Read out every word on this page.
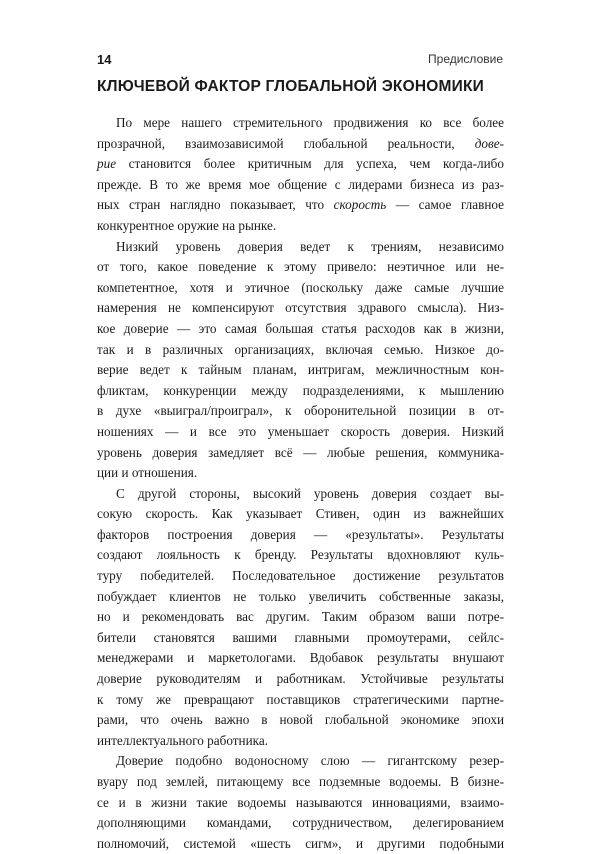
14	Предисловие
КЛЮЧЕВОЙ ФАКТОР ГЛОБАЛЬНОЙ ЭКОНОМИКИ
По мере нашего стремительного продвижения ко все более
прозрачной, взаимозависимой глобальной реальности, дове-
рие становится более критичным для успеха, чем когда-либо
прежде. В то же время мое общение с лидерами бизнеса из раз-
ных стран наглядно показывает, что скорость — самое главное
конкурентное оружие на рынке.
Низкий уровень доверия ведет к трениям, независимо
от того, какое поведение к этому привело: неэтичное или не-
компетентное, хотя и этичное (поскольку даже самые лучшие
намерения не компенсируют отсутствия здравого смысла). Низ-
кое доверие — это самая большая статья расходов как в жизни,
так и в различных организациях, включая семью. Низкое до-
верие ведет к тайным планам, интригам, межличностным кон-
фликтам, конкуренции между подразделениями, к мышлению
в духе «выиграл/проиграл», к оборонительной позиции в от-
ношениях — и все это уменьшает скорость доверия. Низкий
уровень доверия замедляет всё — любые решения, коммуника-
ции и отношения.
С другой стороны, высокий уровень доверия создает вы-
сокую скорость. Как указывает Стивен, один из важнейших
факторов построения доверия — «результаты». Результаты
создают лояльность к бренду. Результаты вдохновляют куль-
туру победителей. Последовательное достижение результатов
побуждает клиентов не только увеличить собственные заказы,
но и рекомендовать вас другим. Таким образом ваши потре-
бители становятся вашими главными промоутерами, сейлс-
менеджерами и маркетологами. Вдобавок результаты внушают
доверие руководителям и работникам. Устойчивые результаты
к тому же превращают поставщиков стратегическими партне-
рами, что очень важно в новой глобальной экономике эпохи
интеллектуального работника.
Доверие подобно водоносному слою — гигантскому резер-
вуару под землей, питающему все подземные водоемы. В бизне-
се и в жизни такие водоемы называются инновациями, взаимо-
дополняющими командами, сотрудничеством, делегированием
полномочий, системой «шесть сигм», и другими подобными
